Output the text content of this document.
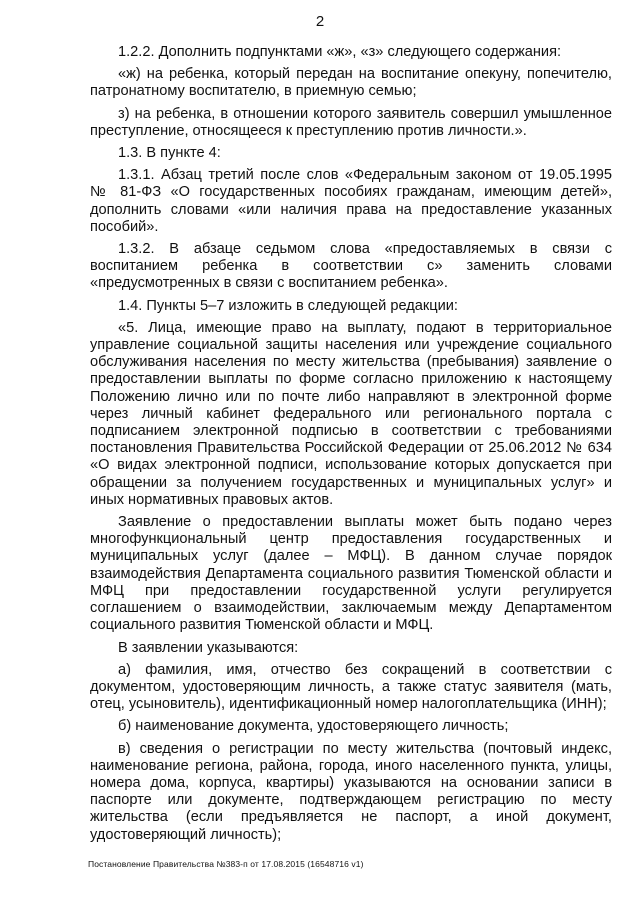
2

1.2.2. Дополнить подпунктами «ж», «з» следующего содержания:

«ж) на ребенка, который передан на воспитание опекуну, попечителю, патронатному воспитателю, в приемную семью;

з) на ребенка, в отношении которого заявитель совершил умышленное преступление, относящееся к преступлению против личности.».

1.3. В пункте 4:

1.3.1. Абзац третий после слов «Федеральным законом от 19.05.1995 № 81-ФЗ «О государственных пособиях гражданам, имеющим детей», дополнить словами «или наличия права на предоставление указанных пособий».

1.3.2. В абзаце седьмом слова «предоставляемых в связи с воспитанием ребенка в соответствии с» заменить словами «предусмотренных в связи с воспитанием ребенка».

1.4. Пункты 5–7 изложить в следующей редакции:

«5. Лица, имеющие право на выплату, подают в территориальное управление социальной защиты населения или учреждение социального обслуживания населения по месту жительства (пребывания) заявление о предоставлении выплаты по форме согласно приложению к настоящему Положению лично или по почте либо направляют в электронной форме через личный кабинет федерального или регионального портала с подписанием электронной подписью в соответствии с требованиями постановления Правительства Российской Федерации от 25.06.2012 № 634 «О видах электронной подписи, использование которых допускается при обращении за получением государственных и муниципальных услуг» и иных нормативных правовых актов.

Заявление о предоставлении выплаты может быть подано через многофункциональный центр предоставления государственных и муниципальных услуг (далее – МФЦ). В данном случае порядок взаимодействия Департамента социального развития Тюменской области и МФЦ при предоставлении государственной услуги регулируется соглашением о взаимодействии, заключаемым между Департаментом социального развития Тюменской области и МФЦ.

В заявлении указываются:

а) фамилия, имя, отчество без сокращений в соответствии с документом, удостоверяющим личность, а также статус заявителя (мать, отец, усыновитель), идентификационный номер налогоплательщика (ИНН);

б) наименование документа, удостоверяющего личность;

в) сведения о регистрации по месту жительства (почтовый индекс, наименование региона, района, города, иного населенного пункта, улицы, номера дома, корпуса, квартиры) указываются на основании записи в паспорте или документе, подтверждающем регистрацию по месту жительства (если предъявляется не паспорт, а иной документ, удостоверяющий личность);

Постановление Правительства №383-п от 17.08.2015 (16548716 v1)
